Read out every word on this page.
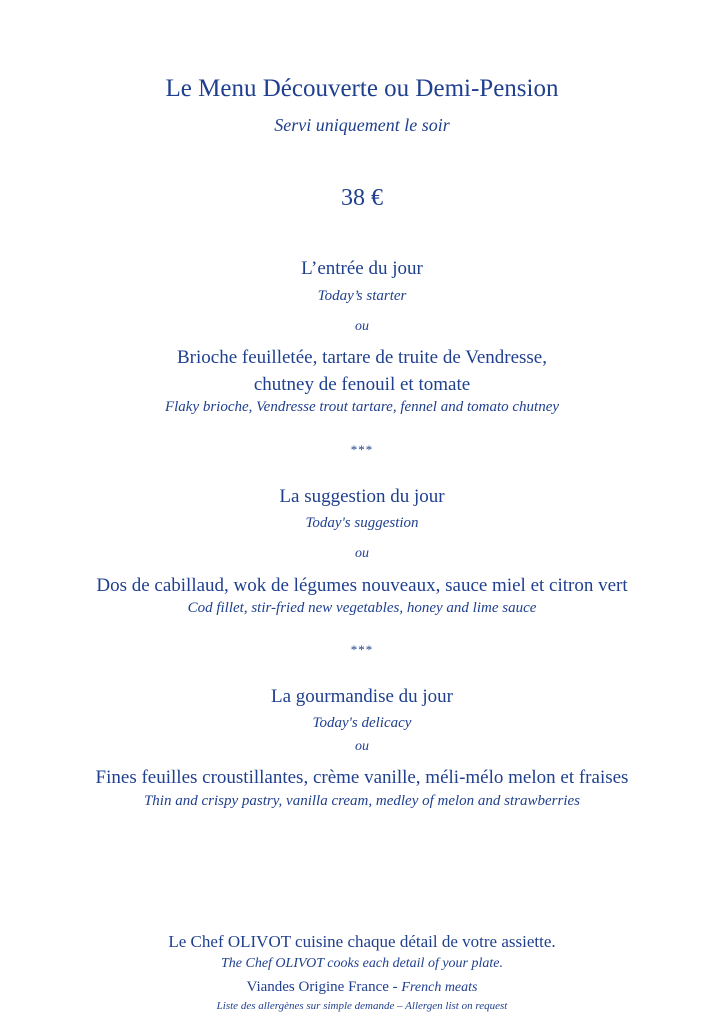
Le Menu Découverte ou Demi-Pension
Servi uniquement le soir
38 €
L’entrée du jour
Today’s starter
ou
Brioche feuilletée, tartare de truite de Vendresse,
chutney de fenouil et tomate
Flaky brioche, Vendresse trout tartare, fennel and tomato chutney
***
La suggestion du jour
Today's suggestion
ou
Dos de cabillaud, wok de légumes nouveaux, sauce miel et citron vert
Cod fillet, stir-fried new vegetables, honey and lime sauce
***
La gourmandise du jour
Today's delicacy
ou
Fines feuilles croustillantes, crème vanille, méli-mélo melon et fraises
Thin and crispy pastry, vanilla cream, medley of melon and strawberries
Le Chef OLIVOT cuisine chaque détail de votre assiette.
The Chef OLIVOT cooks each detail of your plate.
Viandes Origine France - French meats
Liste des allergènes sur simple demande – Allergen list on request
